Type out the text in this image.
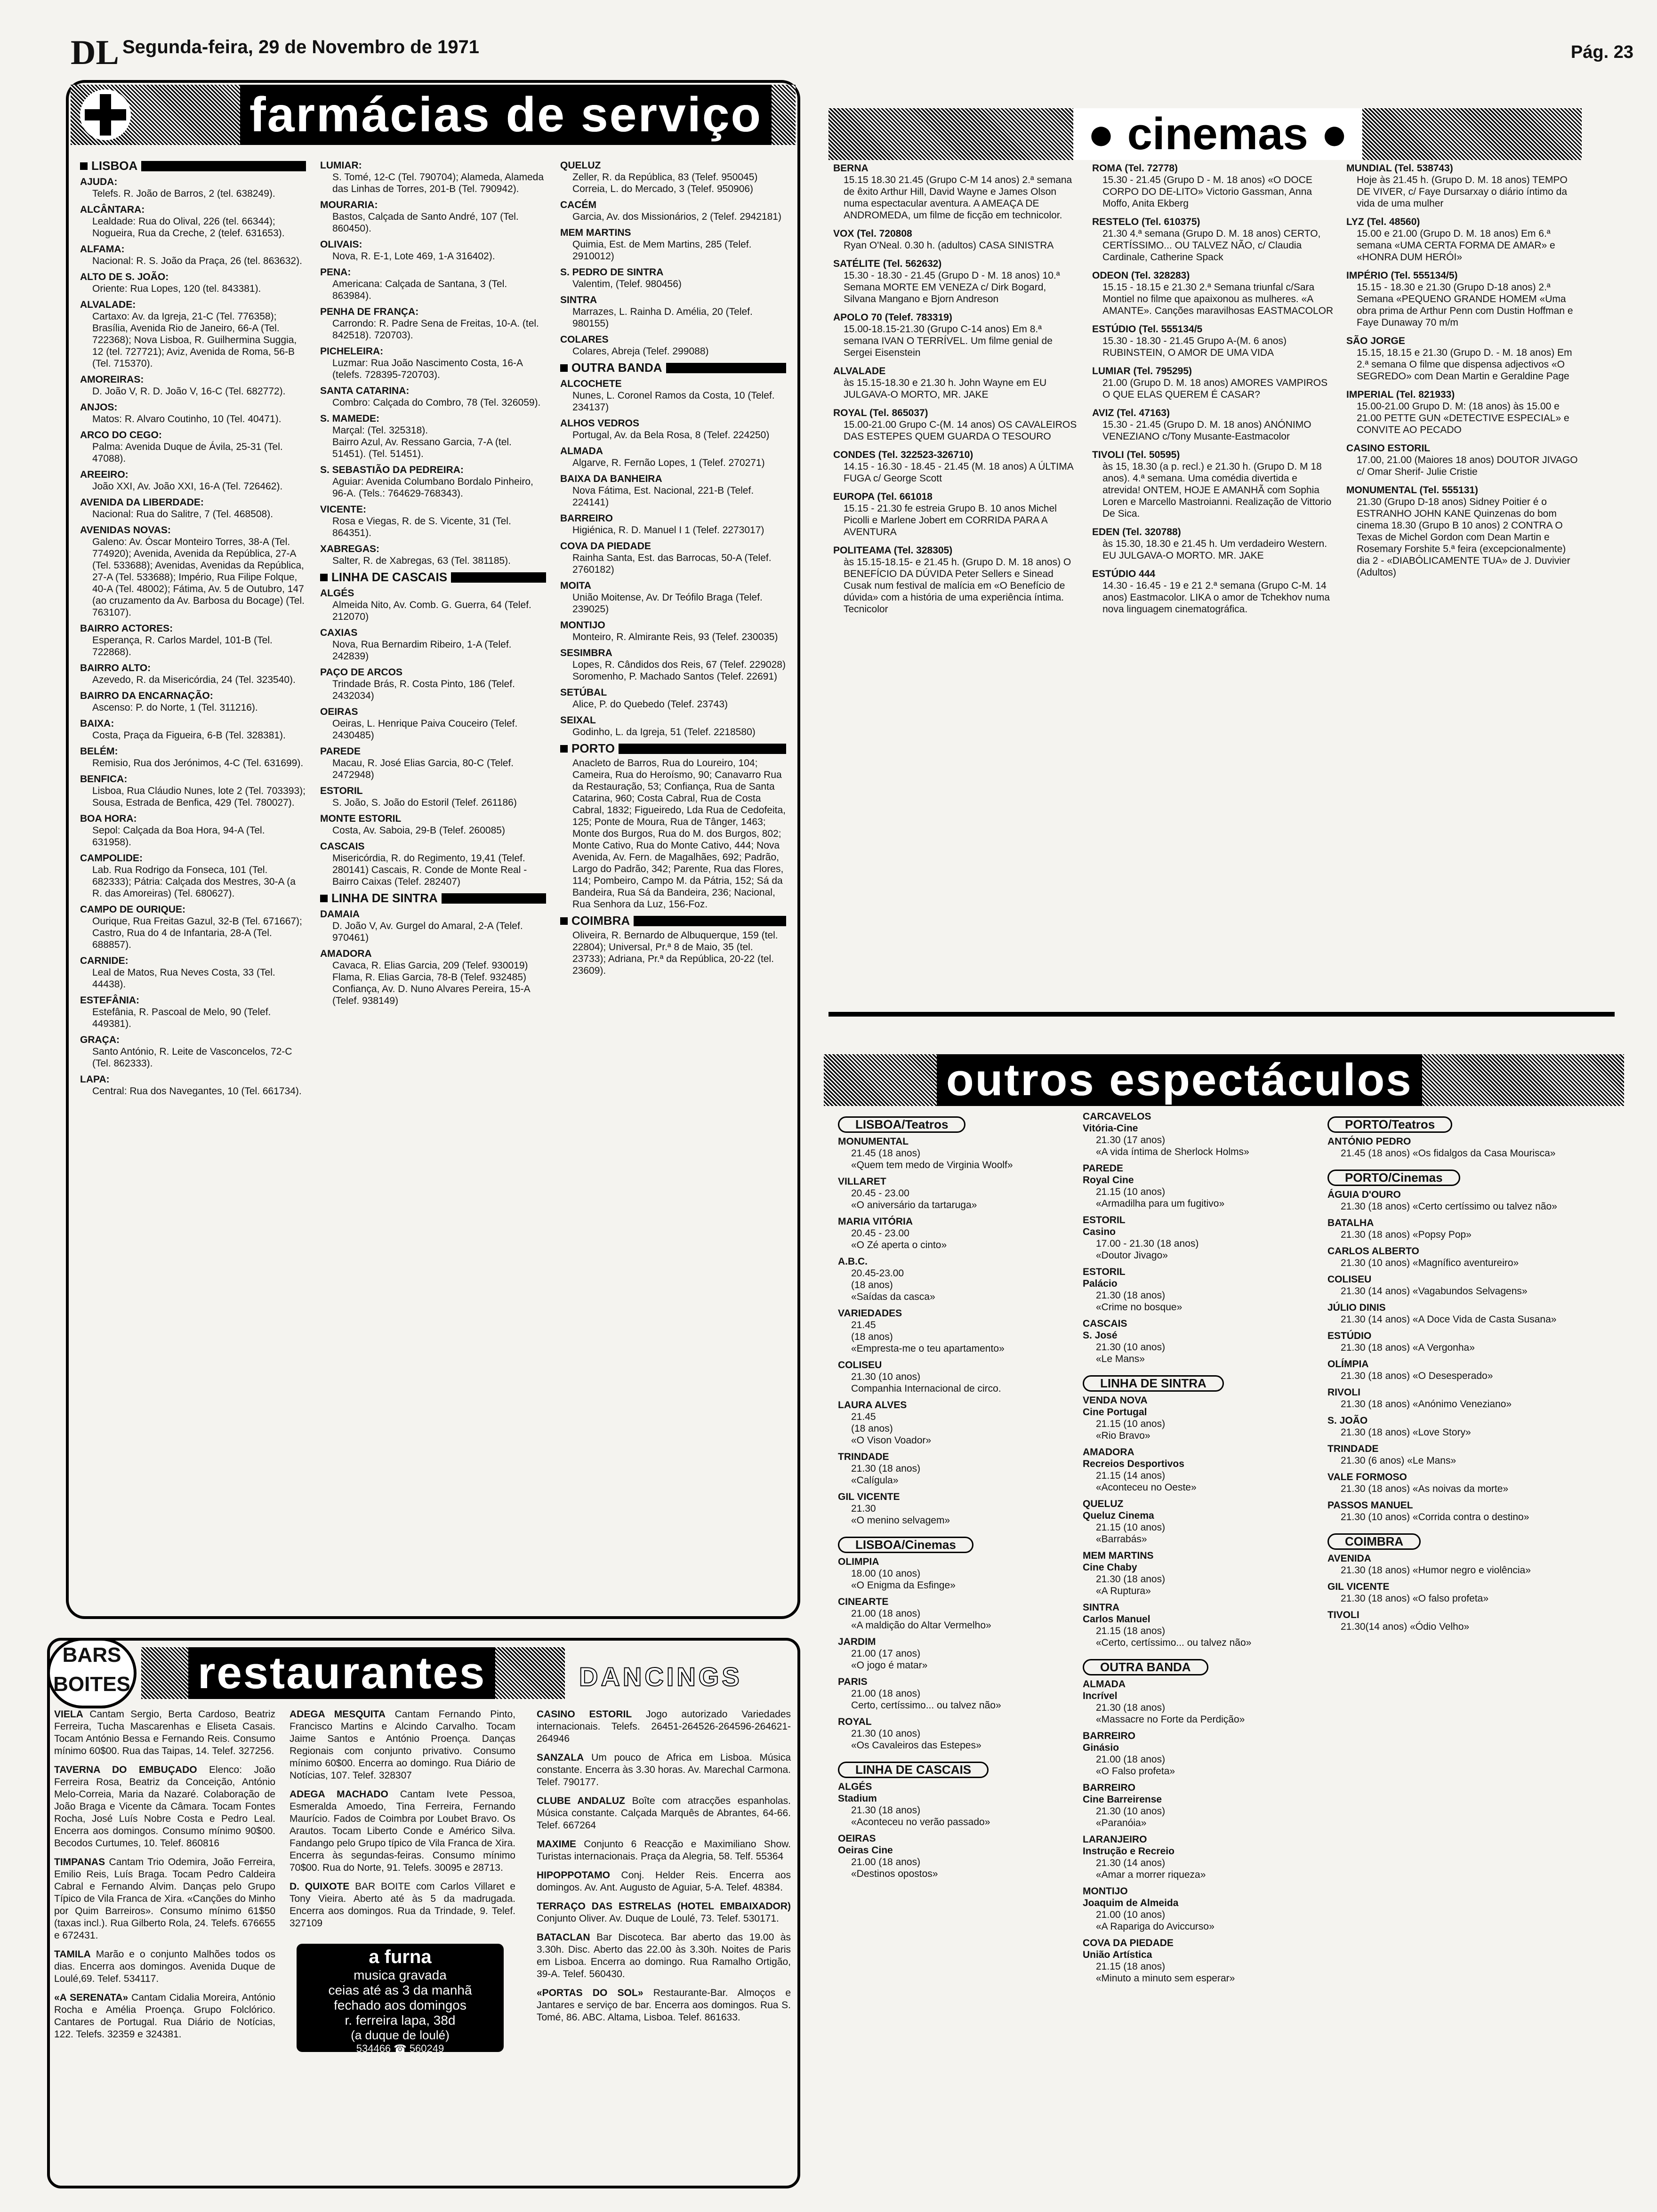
DL Segunda-feira, 29 de Novembro de 1971	Pág. 23
farmácias de serviço
LISBOA
AJUDA:
Telefs. R. João de Barros, 2 (tel. 638249).
ALCÂNTARA:
Lealdade: Rua do Olival, 226 (tel. 66344); Nogueira, Rua da Creche, 2 (telef. 631653).
ALFAMA:
Nacional: R. S. João da Praça, 26 (tel. 863632).
ALTO DE S. JOÃO:
Oriente: Rua Lopes, 120 (tel. 843381).
ALVALADE:
Cartaxo: Av. da Igreja, 21-C (Tel. 776358); Brasília, Avenida Rio de Janeiro, 66-A (Tel. 722368); Nova Lisboa, R. Guilhermina Suggia, 12 (tel. 727721); Aviz, Avenida de Roma, 56-B (Tel. 715370).
AMOREIRAS:
D. João V, R. D. João V, 16-C (Tel. 682772).
ANJOS:
Matos: R. Alvaro Coutinho, 10 (Tel. 40471).
ARCO DO CEGO:
Palma: Avenida Duque de Ávila, 25-31 (Tel. 47088).
AREEIRO:
João XXI, Av. João XXI, 16-A (Tel. 726462).
AVENIDA DA LIBERDADE:
Nacional: Rua do Salitre, 7 (Tel. 468508).
AVENIDAS NOVAS:
Galeno: Av. Óscar Monteiro Torres, 38-A (Tel. 774920); Avenida, Avenida da República, 27-A (Tel. 533688); Avenidas, Avenidas da República, 27-A (Tel. 533688); Império, Rua Filipe Folque, 40-A (Tel. 48002); Fátima, Av. 5 de Outubro, 147 (ao cruzamento da Av. Barbosa du Bocage) (Tel. 763107).
BAIRRO ACTORES:
Esperança, R. Carlos Mardel, 101-B (Tel. 722868).
BAIRRO ALTO:
Azevedo, R. da Misericórdia, 24 (Tel. 323540).
BAIRRO DA ENCARNAÇÃO:
Ascenso: P. do Norte, 1 (Tel. 311216).
BAIXA:
Costa, Praça da Figueira, 6-B (Tel. 328381).
BELÉM:
Remisio, Rua dos Jerónimos, 4-C (Tel. 631699).
BENFICA:
Lisboa, Rua Cláudio Nunes, lote 2 (Tel. 703393); Sousa, Estrada de Benfica, 429 (Tel. 780027).
BOA HORA:
Sepol: Calçada da Boa Hora, 94-A (Tel. 631958).
CAMPOLIDE:
Lab. Rua Rodrigo da Fonseca, 101 (Tel. 682333); Pátria: Calçada dos Mestres, 30-A (a R. das Amoreiras) (Tel. 680627).
CAMPO DE OURIQUE:
Ourique, Rua Freitas Gazul, 32-B (Tel. 671667); Castro, Rua do 4 de Infantaria, 28-A (Tel. 688857).
CARNIDE:
Leal de Matos, Rua Neves Costa, 33 (Tel. 44438).
ESTEFÂNIA:
Estefânia, R. Pascoal de Melo, 90 (Telef. 449381).
GRAÇA:
Santo António, R. Leite de Vasconcelos, 72-C (Tel. 862333).
LAPA:
Central: Rua dos Navegantes, 10 (Tel. 661734).
LUMIAR:
S. Tomé, 12-C (Tel. 790704); Alameda, Alameda das Linhas de Torres, 201-B (Tel. 790942).
MOURARIA:
Bastos, Calçada de Santo André, 107 (Tel. 860450).
OLIVAIS:
Nova, R. E-1, Lote 469, 1-A 316402).
PENA:
Americana: Calçada de Santana, 3 (Tel. 863984).
PENHA DE FRANÇA:
Carrondo: R. Padre Sena de Freitas, 10-A. (tel. 842518). 720703).
PICHELEIRA:
Luzmar: Rua João Nascimento Costa, 16-A (telefs. 728395-720703).
SANTA CATARINA:
Combro: Calçada do Combro, 78 (Tel. 326059).
S. MAMEDE:
Marçal: (Tel. 325318).
Bairro Azul, Av. Ressano Garcia, 7-A (tel. 51451). (Tel. 51451).
S. SEBASTIÃO DA PEDREIRA:
Aguiar: Avenida Columbano Bordalo Pinheiro, 96-A. (Tels.: 764629-768343).
VICENTE:
Rosa e Viegas, R. de S. Vicente, 31 (Tel. 864351).
XABREGAS:
Salter, R. de Xabregas, 63 (Tel. 381185).
LINHA DE CASCAIS
ALGÉS
Almeida Nito, Av. Comb. G. Guerra, 64 (Telef. 212070)
CAXIAS
Nova, Rua Bernardim Ribeiro, 1-A (Telef. 242839)
PAÇO DE ARCOS
Trindade Brás, R. Costa Pinto, 186 (Telef. 2432034)
OEIRAS
Oeiras, L. Henrique Paiva Couceiro (Telef. 2430485)
PAREDE
Macau, R. José Elias Garcia, 80-C (Telef. 2472948)
ESTORIL
S. João, S. João do Estoril (Telef. 261186)
MONTE ESTORIL
Costa, Av. Saboia, 29-B (Telef. 260085)
CASCAIS
Misericórdia, R. do Regimento, 19,41 (Telef. 280141) Cascais, R. Conde de Monte Real - Bairro Caixas (Telef. 282407)
LINHA DE SINTRA
DAMAIA
D. João V, Av. Gurgel do Amaral, 2-A (Telef. 970461)
AMADORA
Cavaca, R. Elias Garcia, 209 (Telef. 930019) Flama, R. Elias Garcia, 78-B (Telef. 932485) Confiança, Av. D. Nuno Alvares Pereira, 15-A (Telef. 938149)
QUELUZ
Zeller, R. da República, 83 (Telef. 950045) Correia, L. do Mercado, 3 (Telef. 950906)
CACÉM
Garcia, Av. dos Missionários, 2 (Telef. 2942181)
MEM MARTINS
Quimia, Est. de Mem Martins, 285 (Telef. 2910012)
S. PEDRO DE SINTRA
Valentim, (Telef. 980456)
SINTRA
Marrazes, L. Rainha D. Amélia, 20 (Telef. 980155)
COLARES
Colares, Abreja (Telef. 299088)
OUTRA BANDA
ALCOCHETE
Nunes, L. Coronel Ramos da Costa, 10 (Telef. 234137)
ALHOS VEDROS
Portugal, Av. da Bela Rosa, 8 (Telef. 224250)
ALMADA
Algarve, R. Fernão Lopes, 1 (Telef. 270271)
BAIXA DA BANHEIRA
Nova Fátima, Est. Nacional, 221-B (Telef. 224141)
BARREIRO
Higiénica, R. D. Manuel I 1 (Telef. 2273017)
COVA DA PIEDADE
Rainha Santa, Est. das Barrocas, 50-A (Telef. 2760182)
MOITA
União Moitense, Av. Dr Teófilo Braga (Telef. 239025)
MONTIJO
Monteiro, R. Almirante Reis, 93 (Telef. 230035)
SESIMBRA
Lopes, R. Cândidos dos Reis, 67 (Telef. 229028) Soromenho, P. Machado Santos (Telef. 22691)
SETÚBAL
Alice, P. do Quebedo (Telef. 23743)
SEIXAL
Godinho, L. da Igreja, 51 (Telef. 2218580)
PORTO
Anacleto de Barros, Rua do Loureiro, 104; Cameira, Rua do Heroísmo, 90; Canavarro Rua da Restauração, 53; Confiança, Rua de Santa Catarina, 960; Costa Cabral, Rua de Costa Cabral, 1832; Figueiredo, Lda Rua de Cedofeita, 125; Ponte de Moura, Rua de Tânger, 1463; Monte dos Burgos, Rua do M. dos Burgos, 802; Monte Cativo, Rua do Monte Cativo, 444; Nova Avenida, Av. Fern. de Magalhães, 692; Padrão, Largo do Padrão, 342; Parente, Rua das Flores, 114; Pombeiro, Campo M. da Pátria, 152; Sá da Bandeira, Rua Sá da Bandeira, 236; Nacional, Rua Senhora da Luz, 156-Foz.
COIMBRA
Oliveira, R. Bernardo de Albuquerque, 159 (tel. 22804); Universal, Pr.ª 8 de Maio, 35 (tel. 23733); Adriana, Pr.ª da República, 20-22 (tel. 23609).
● cinemas ●
BERNA
15.15 18.30 21.45 (Grupo C-M 14 anos) 2.ª semana de êxito Arthur Hill, David Wayne e James Olson numa espectacular aventura. A AMEAÇA DE ANDROMEDA, um filme de ficção em technicolor.
VOX (Tel. 720808
Ryan O'Neal. 0.30 h. (adultos) CASA SINISTRA
SATÉLITE (Tel. 562632)
15.30 - 18.30 - 21.45 (Grupo D - M. 18 anos) 10.ª Semana MORTE EM VENEZA c/ Dirk Bogard, Silvana Mangano e Bjorn Andreson
APOLO 70 (Telef. 783319)
15.00-18.15-21.30 (Grupo C-14 anos) Em 8.ª semana IVAN O TERRÍVEL. Um filme genial de Sergei Eisenstein
ALVALADE
às 15.15-18.30 e 21.30 h. John Wayne em EU JULGAVA-O MORTO, MR. JAKE
ROYAL (Tel. 865037)
15.00-21.00 Grupo C-(M. 14 anos) OS CAVALEIROS DAS ESTEPES QUEM GUARDA O TESOURO
CONDES (Tel. 322523-326710)
14.15 - 16.30 - 18.45 - 21.45 (M. 18 anos) A ÚLTIMA FUGA c/ George Scott
EUROPA (Tel. 661018
15.15 - 21.30 fe estreia Grupo B. 10 anos Michel Picolli e Marlene Jobert em CORRIDA PARA A AVENTURA
POLITEAMA (Tel. 328305)
às 15.15-18.15- e 21.45 h. (Grupo D. M. 18 anos) O BENEFÍCIO DA DÚVIDA Peter Sellers e Sinead Cusak num festival de malícia em «O Benefício de dúvida» com a história de uma experiência íntima. Tecnicolor
ROMA (Tel. 72778)
15.30 - 21.45 (Grupo D - M. 18 anos) «O DOCE CORPO DO DE-LITO» Victorio Gassman, Anna Moffo, Anita Ekberg
RESTELO (Tel. 610375)
21.30 4.ª semana (Grupo D. M. 18 anos) CERTO, CERTÍSSIMO... OU TALVEZ NÃO, c/ Claudia Cardinale, Catherine Spack
ODEON (Tel. 328283)
15.15 - 18.15 e 21.30 2.ª Semana triunfal c/Sara Montiel no filme que apaixonou as mulheres. «A AMANTE». Canções maravilhosas EASTMACOLOR
ESTÚDIO (Tel. 555134/5
15.30 - 18.30 - 21.45 Grupo A-(M. 6 anos) RUBINSTEIN, O AMOR DE UMA VIDA
LUMIAR (Tel. 795295)
21.00 (Grupo D. M. 18 anos) AMORES VAMPIROS O QUE ELAS QUEREM É CASAR?
AVIZ (Tel. 47163)
15.30 - 21.45 (Grupo D. M. 18 anos) ANÓNIMO VENEZIANO c/Tony Musante-Eastmacolor
TIVOLI (Tel. 50595)
às 15, 18.30 (a p. recl.) e 21.30 h. (Grupo D. M 18 anos). 4.ª semana. Uma comédia divertida e atrevida! ONTEM, HOJE E AMANHÃ com Sophia Loren e Marcello Mastroianni. Realização de Vittorio De Sica.
EDEN (Tel. 320788)
às 15.30, 18.30 e 21.45 h. Um verdadeiro Western. EU JULGAVA-O MORTO. MR. JAKE
ESTÚDIO 444
14.30 - 16.45 - 19 e 21 2.ª semana (Grupo C-M. 14 anos) Eastmacolor. LIKA o amor de Tchekhov numa nova linguagem cinematográfica.
MUNDIAL (Tel. 538743)
Hoje às 21.45 h. (Grupo D. M. 18 anos) TEMPO DE VIVER, c/ Faye Dursarxay o diário íntimo da vida de uma mulher
LYZ (Tel. 48560)
15.00 e 21.00 (Grupo D. M. 18 anos) Em 6.ª semana «UMA CERTA FORMA DE AMAR» e «HONRA DUM HERÓI»
IMPÉRIO (Tel. 555134/5)
15.15 - 18.30 e 21.30 (Grupo D-18 anos) 2.ª Semana «PEQUENO GRANDE HOMEM «Uma obra prima de Arthur Penn com Dustin Hoffman e Faye Dunaway 70 m/m
SÃO JORGE
15.15, 18.15 e 21.30 (Grupo D. - M. 18 anos) Em 2.ª semana O filme que dispensa adjectivos «O SEGREDO» com Dean Martin e Geraldine Page
IMPERIAL (Tel. 821933)
15.00-21.00 Grupo D. M: (18 anos) às 15.00 e 21.00 PETTE GUN «DETECTIVE ESPECIAL» e CONVITE AO PECADO
CASINO ESTORIL
17.00, 21.00 (Maiores 18 anos) DOUTOR JIVAGO c/ Omar Sherif- Julie Cristie
MONUMENTAL (Tel. 555131)
21.30 (Grupo D-18 anos) Sidney Poitier é o ESTRANHO JOHN KANE Quinzenas do bom cinema 18.30 (Grupo B 10 anos) 2 CONTRA O Texas de Michel Gordon com Dean Martin e Rosemary Forshite 5.ª feira (excepcionalmente) dia 2 - «DIABÓLICAMENTE TUA» de J. Duvivier (Adultos)
outros espectáculos
LISBOA/Teatros
MONUMENTAL
21.45 (18 anos)
«Quem tem medo de Virginia Woolf»
VILLARET
20.45 - 23.00
«O aniversário da tartaruga»
MARIA VITÓRIA
20.45 - 23.00
«O Zé aperta o cinto»
A.B.C.
20.45-23.00
(18 anos)
«Saídas da casca»
VARIEDADES
21.45
(18 anos)
«Empresta-me o teu apartamento»
COLISEU
21.30 (10 anos)
Companhia Internacional de circo.
LAURA ALVES
21.45
(18 anos)
«O Vison Voador»
TRINDADE
21.30 (18 anos)
«Calígula»
GIL VICENTE
21.30
«O menino selvagem»
LISBOA/Cinemas
OLIMPIA
18.00 (10 anos)
«O Enigma da Esfinge»
CINEARTE
21.00 (18 anos)
«A maldição do Altar Vermelho»
JARDIM
21.00 (17 anos)
«O jogo é matar»
PARIS
21.00 (18 anos)
Certo, certíssimo... ou talvez não»
ROYAL
21.30 (10 anos)
«Os Cavaleiros das Estepes»
LINHA DE CASCAIS
ALGÉS
Stadium
21.30 (18 anos)
«Aconteceu no verão passado»
OEIRAS
Oeiras Cine
21.00 (18 anos)
«Destinos opostos»
CARCAVELOS
Vitória-Cine
21.30 (17 anos)
«A vida íntima de Sherlock Holms»
PAREDE
Royal Cine
21.15 (10 anos)
«Armadilha para um fugitivo»
ESTORIL
Casino
17.00 - 21.30 (18 anos)
«Doutor Jivago»
ESTORIL
Palácio
21.30 (18 anos)
«Crime no bosque»
CASCAIS
S. José
21.30 (10 anos)
«Le Mans»
LINHA DE SINTRA
VENDA NOVA
Cine Portugal
21.15 (10 anos)
«Rio Bravo»
AMADORA
Recreios Desportivos
21.15 (14 anos)
«Aconteceu no Oeste»
QUELUZ
Queluz Cinema
21.15 (10 anos)
«Barrabás»
MEM MARTINS
Cine Chaby
21.30 (18 anos)
«A Ruptura»
SINTRA
Carlos Manuel
21.15 (18 anos)
«Certo, certíssimo... ou talvez não»
OUTRA BANDA
ALMADA
Incrível
21.30 (18 anos)
«Massacre no Forte da Perdição»
BARREIRO
Ginásio
21.00 (18 anos)
«O Falso profeta»
BARREIRO
Cine Barreirense
21.30 (10 anos)
«Paranóia»
LARANJEIRO
Instrução e Recreio
21.30 (14 anos)
«Amar a morrer riqueza»
MONTIJO
Joaquim de Almeida
21.00 (10 anos)
«A Rapariga do Aviccurso»
COVA DA PIEDADE
União Artística
21.15 (18 anos)
«Minuto a minuto sem esperar»
PORTO/Teatros
ANTÓNIO PEDRO
21.45 (18 anos) «Os fidalgos da Casa Mourisca»
PORTO/Cinemas
ÁGUIA D'OURO
21.30 (18 anos) «Certo certíssimo ou talvez não»
BATALHA
21.30 (18 anos) «Popsy Pop»
CARLOS ALBERTO
21.30 (10 anos) «Magnífico aventureiro»
COLISEU
21.30 (14 anos) «Vagabundos Selvagens»
JÚLIO DINIS
21.30 (14 anos) «A Doce Vida de Casta Susana»
ESTÚDIO
21.30 (18 anos) «A Vergonha»
OLÍMPIA
21.30 (18 anos) «O Desesperado»
RIVOLI
21.30 (18 anos) «Anónimo Veneziano»
S. JOÃO
21.30 (18 anos) «Love Story»
TRINDADE
21.30 (6 anos) «Le Mans»
VALE FORMOSO
21.30 (18 anos) «As noivas da morte»
PASSOS MANUEL
21.30 (10 anos) «Corrida contra o destino»
COIMBRA
AVENIDA
21.30 (18 anos) «Humor negro e violência»
GIL VICENTE
21.30 (18 anos) «O falso profeta»
TIVOLI
21.30(14 anos) «Ódio Velho»
BARS
BOITES restaurantes	DANCINGS

VIELA Cantam Sergio, Berta Cardoso, Beatriz Ferreira, Tucha Mascarenhas e Eliseta Casais. Tocam António Bessa e Fernando Reis. Consumo mínimo 60$00. Rua das Taipas, 14. Telef. 327256.

TAVERNA DO EMBUÇADO Elenco: João Ferreira Rosa, Beatriz da Conceição, António Melo-Correia, Maria da Nazaré. Colaboração de João Braga e Vicente da Câmara. Tocam Fontes Rocha, José Luís Nobre Costa e Pedro Leal. Encerra aos domingos. Consumo mínimo 90$00. Becodos Curtumes, 10. Telef. 860816

TIMPANAS Cantam Trio Odemira, João Ferreira, Emilio Reis, Luís Braga. Tocam Pedro Caldeira Cabral e Fernando Alvim. Danças pelo Grupo Típico de Vila Franca de Xira. «Canções do Minho por Quim Barreiros». Consumo mínimo 61$50 (taxas incl.). Rua Gilberto Rola, 24. Telefs. 676655 e 672431.

TAMILA Marão e o conjunto Malhões todos os dias. Encerra aos domingos. Avenida Duque de Loulé,69. Telef. 534117.

«A SERENATA» Cantam Cidalia Moreira, António Rocha e Amélia Proença. Grupo Folclórico. Cantares de Portugal. Rua Diário de Notícias, 122. Telefs. 32359 e 324381.

ADEGA MESQUITA Cantam Fernando Pinto, Francisco Martins e Alcindo Carvalho. Tocam Jaime Santos e António Proença. Danças Regionais com conjunto privativo. Consumo mínimo 60$00. Encerra ao domingo. Rua Diário de Notícias, 107. Telef. 328307

ADEGA MACHADO Cantam Ivete Pessoa, Esmeralda Amoedo, Tina Ferreira, Fernando Maurício. Fados de Coimbra por Loubet Bravo. Os Arautos. Tocam Liberto Conde e Américo Silva. Fandango pelo Grupo típico de Vila Franca de Xira. Encerra às segundas-feiras. Consumo mínimo 70$00. Rua do Norte, 91. Telefs. 30095 e 28713.

D. QUIXOTE BAR BOITE com Carlos Villaret e Tony Vieira. Aberto até às 5 da madrugada. Encerra aos domingos. Rua da Trindade, 9. Telef. 327109

CASINO ESTORIL Jogo autorizado Variedades internacionais. Telefs. 26451-264526-264596-264621-264946

SANZALA Um pouco de Africa em Lisboa. Música constante. Encerra às 3.30 horas. Av. Marechal Carmona. Telef. 790177.

CLUBE ANDALUZ Boîte com atracções espanholas. Música constante. Calçada Marquês de Abrantes, 64-66. Telef. 667264

MAXIME Conjunto 6 Reacção e Maximiliano Show. Turistas internacionais. Praça da Alegria, 58. Telf. 55364

HIPOPPOTAMO Conj. Helder Reis. Encerra aos domingos. Av. Ant. Augusto de Aguiar, 5-A. Telef. 48384.

TERRAÇO DAS ESTRELAS (HOTEL EMBAIXADOR) Conjunto Oliver. Av. Duque de Loulé, 73. Telef. 530171.

BATACLAN Bar Discoteca. Bar aberto das 19.00 às 3.30h. Disc. Aberto das 22.00 às 3.30h. Noites de Paris em Lisboa. Encerra ao domingo. Rua Ramalho Ortigão, 39-A. Telef. 560430.

«PORTAS DO SOL» Restaurante-Bar. Almoços e Jantares e serviço de bar. Encerra aos domingos. Rua S. Tomé, 86. ABC. Altama, Lisboa. Telef. 861633.

a furna
musica gravada
ceias até as 3 da manhã
fechado aos domingos
r. ferreira lapa, 38d
(a duque de loulé)
534466 ☎ 560249
